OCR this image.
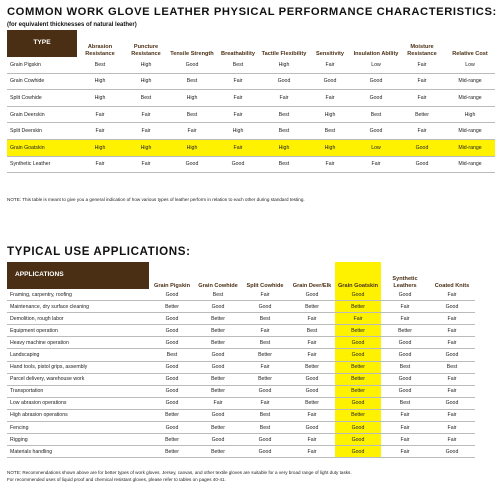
COMMON WORK GLOVE LEATHER PHYSICAL PERFORMANCE CHARACTERISTICS:
(for equivalent thicknesses of natural leather)
TYPE	Abrasion Resistance	Puncture Resistance	Tensile Strength	Breathability	Tactile Flexibility	Sensitivity	Insulation Ability	Moisture Resistance	Relative Cost
Grain Pigskin	Best	High	Good	Best	High	Fair	Low	Fair	Low
Grain Cowhide	High	High	Best	Fair	Good	Good	Good	Fair	Mid-range
Split Cowhide	High	Best	High	Fair	Fair	Fair	Good	Fair	Mid-range
Grain Deerskin	Fair	Fair	Best	Fair	Best	High	Best	Better	High
Split Deerskin	Fair	Fair	Fair	High	Best	Best	Good	Fair	Mid-range
Grain Goatskin	High	High	High	Fair	High	High	Low	Good	Mid-range
Synthetic Leather	Fair	Fair	Good	Good	Best	Fair	Fair	Good	Mid-range
NOTE: This table is meant to give you a general indication of how various types of leather perform in relation to each other during standard testing.
TYPICAL USE APPLICATIONS:
APPLICATIONS	Grain Pigskin	Grain Cowhide	Split Cowhide	Grain Deer/Elk	Grain Goatskin	Synthetic Leathers	Coated Knits
Framing, carpentry, roofing	Good	Best	Fair	Good	Good	Good	Fair
Maintenance, dry surface cleaning	Better	Good	Good	Better	Better	Fair	Good
Demolition, rough labor	Good	Better	Best	Fair	Fair	Fair	Fair
Equipment operation	Good	Better	Fair	Best	Better	Better	Fair
Heavy machine operation	Good	Better	Best	Fair	Good	Good	Fair
Landscaping	Best	Good	Better	Fair	Good	Good	Good
Hand tools, pistol grips, assembly	Good	Good	Fair	Better	Better	Best	Best
Parcel delivery, warehouse work	Good	Better	Better	Good	Better	Good	Fair
Transportation	Good	Better	Good	Good	Better	Good	Fair
Low abrasion operations	Good	Fair	Fair	Better	Good	Best	Good
High abrasion operations	Better	Good	Best	Fair	Better	Fair	Fair
Fencing	Good	Better	Best	Good	Good	Fair	Fair
Rigging	Better	Good	Good	Fair	Good	Fair	Fair
Materials handling	Better	Better	Good	Fair	Good	Fair	Good
NOTE: Recommendations shown above are for better types of work gloves. Jersey, canvas, and other textile gloves are suitable for a very broad range of light duty tasks.
For recommended uses of liquid proof and chemical resistant gloves, please refer to tables on pages 40-41.
